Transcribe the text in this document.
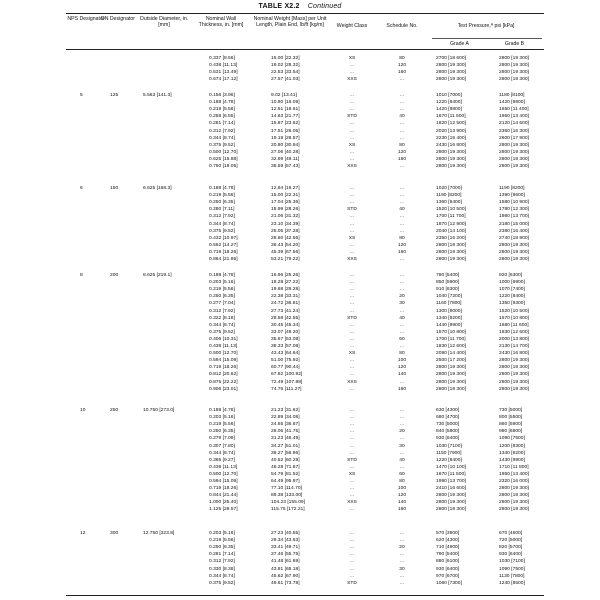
TABLE X2.2 Continued
NPS Designator
DN Designator Outside Diameter, in. [mm]
Nominal Wall Thickness, in. [mm]
Nominal Weight [Mass] per Unit Length, Plain End, lb/ft [kg/m]	Weight Class	Schedule No.	Test Pressure,ᴬ psi [kPa]
Grade A	Grade B
0.337 [8.56]	15.00 [22.32]	XS	80	2700 [18 600]	2800 [19 300]
0.438 [11.13]	19.02 [28.32]	...	120	2800 [19 300]	2800 [19 300]
0.531 [13.49]	22.53 [33.54]	...	160	2800 [19 300]	2800 [19 300]
0.674 [17.12]	27.57 [41.03]	XXS	...	2800 [19 300]	2800 [19 300]
5	125	5.563 [141.3]	0.156 [3.96]	9.02 [13.41]	...	...	1010 [7000]	1180 [8100]
0.188 [4.78]	10.80 [16.09]	...	...	1220 [8400]	1420 [9800]
0.219 [5.56]	12.51 [18.61]	...	...	1420 [9800]	1650 [11 400]
0.258 [6.55]	14.63 [21.77]	STD	40	1670 [11 500]	1950 [13 400]
0.281 [7.14]	15.87 [23.62]	...	...	1820 [12 500]	2120 [14 600]
0.312 [7.92]	17.51 [26.05]	...	...	2020 [13 900]	2360 [16 300]
0.344 [8.74]	19.19 [28.57]	...	...	2230 [15 400]	2600 [17 900]
0.375 [9.52]	20.80 [30.94]	XS	80	2430 [16 800]	2800 [19 300]
0.500 [12.70]	27.06 [40.28]	...	120	2800 [19 300]	2800 [19 300]
0.625 [15.88]	32.99 [49.11]	...	160	2800 [19 300]	2800 [19 300]
0.750 [19.05]	38.59 [57.43]	XXS	...	2800 [19 300]	2800 [19 300]
6	150	6.625 [168.3]	0.188 [4.78]	12.94 [19.27]	...	...	1020 [7000]	1190 [8200]
0.219 [5.56]	15.00 [22.31]	...	...	1190 [8200]	1390 [9600]
0.250 [6.35]	17.04 [25.36]	...	...	1360 [9400]	1580 [10 900]
0.280 [7.11]	18.99 [28.26]	STD	40	1520 [10 500]	1780 [12 300]
0.312 [7.92]	21.06 [31.32]	...	...	1700 [11 700]	1980 [13 700]
0.344 [8.74]	23.10 [34.39]	...	...	1870 [12 900]	2180 [15 000]
0.375 [9.52]	25.05 [37.28]	...	...	2040 [14 100]	2380 [16 400]
0.432 [10.97]	28.60 [42.56]	XS	80	2350 [16 200]	2740 [18 900]
0.562 [14.27]	36.43 [54.20]	...	120	2800 [19 300]	2800 [19 300]
0.719 [18.26]	45.39 [67.56]	...	160	2800 [19 300]	2800 [19 300]
0.864 [21.95]	53.21 [79.22]	XXS	...	2800 [19 300]	2800 [19 300]
8	200	8.625 [219.1]	0.188 [4.78]	16.96 [25.26]	...	...	780 [5400]	920 [6300]
0.203 [5.16]	18.28 [27.22]	...	...	850 [5900]	1000 [6900]
0.219 [5.56]	19.68 [29.28]	...	...	910 [6300]	1070 [7400]
0.250 [6.35]	22.38 [33.31]	...	20	1040 [7200]	1220 [8400]
0.277 [7.04]	24.72 [36.81]	...	30	1160 [7800]	1350 [9300]
0.312 [7.92]	27.73 [41.24]	...	...	1300 [9000]	1520 [10 500]
0.322 [8.18]	28.58 [42.55]	STD	40	1340 [9200]	1570 [10 800]
0.344 [8.74]	30.45 [45.34]	...	...	1440 [9900]	1680 [11 600]
0.375 [9.52]	33.07 [49.20]	...	...	1570 [10 800]	1830 [12 600]
0.406 [10.31]	35.67 [53.08]	...	60	1700 [11 700]	2000 [13 800]
0.438 [11.13]	38.33 [57.08]	...	...	1830 [12 600]	2130 [14 700]
0.500 [12.70]	43.43 [64.64]	XS	80	2090 [14 400]	2430 [16 800]
0.594 [15.09]	51.00 [75.92]	...	100	2500 [17 200]	2800 [19 300]
0.719 [18.26]	60.77 [90.44]	...	120	2800 [19 300]	2800 [19 300]
0.812 [20.62]	67.82 [100.92]	...	140	2800 [19 300]	2800 [19 300]
0.875 [22.22]	72.49 [107.88]	XXS	...	2800 [19 300]	2800 [19 300]
0.906 [23.01]	74.76 [111.27]	...	160	2800 [19 300]	2800 [19 300]
10	250	10.750 [273.0]	0.188 [4.78]	21.23 [31.62]	...	...	630 [4300]	730 [5000]
0.203 [5.16]	22.89 [34.08]	...	...	680 [4700]	800 [5500]
0.219 [5.56]	24.65 [36.67]	...	...	730 [5000]	860 [5900]
0.250 [6.35]	28.06 [41.75]	...	20	840 [5800]	980 [6800]
0.279 [7.09]	31.23 [46.49]	...	...	930 [6400]	1090 [7500]
0.307 [7.80]	34.27 [51.01]	...	30	1030 [7100]	1200 [8300]
0.344 [8.74]	38.27 [56.96]	...	...	1150 [7900]	1340 [9200]
0.365 [9.27]	40.52 [60.29]	STD	40	1220 [8400]	1430 [9900]
0.438 [11.13]	48.28 [71.87]	...	...	1470 [10 100]	1710 [11 800]
0.500 [12.70]	54.79 [81.52]	XS	60	1670 [11 500]	1950 [13 400]
0.594 [15.09]	64.49 [95.97]	...	80	1990 [13 700]	2320 [16 000]
0.719 [18.26]	77.10 [114.70]	...	100	2410 [16 600]	2800 [19 300]
0.844 [21.44]	89.38 [133.00]	...	120	2800 [19 300]	2800 [19 300]
1.000 [25.40]	104.23 [155.09]	XXS	140	2800 [19 300]	2800 [19 300]
1.125 [28.57]	115.75 [172.21]	...	160	2800 [19 300]	2800 [19 300]
12	300	12.750 [323.8]	0.203 [5.16]	27.23 [40.55]	...	...	570 [3900]	670 [4600]
0.219 [5.56]	29.34 [43.63]	...	...	620 [4300]	720 [5000]
0.250 [6.35]	33.41 [49.71]	...	20	710 [4900]	820 [5700]
0.281 [7.14]	37.46 [55.75]	...	...	790 [5400]	930 [6400]
0.312 [7.92]	41.48 [61.69]	...	...	880 [6100]	1030 [7100]
0.330 [8.38]	43.81 [65.18]	...	30	930 [6400]	1090 [7500]
0.344 [8.74]	45.62 [67.90]	...	...	970 [6700]	1130 [7800]
0.375 [9.52]	49.61 [73.78]	STD	...	1060 [7300]	1240 [8500]
